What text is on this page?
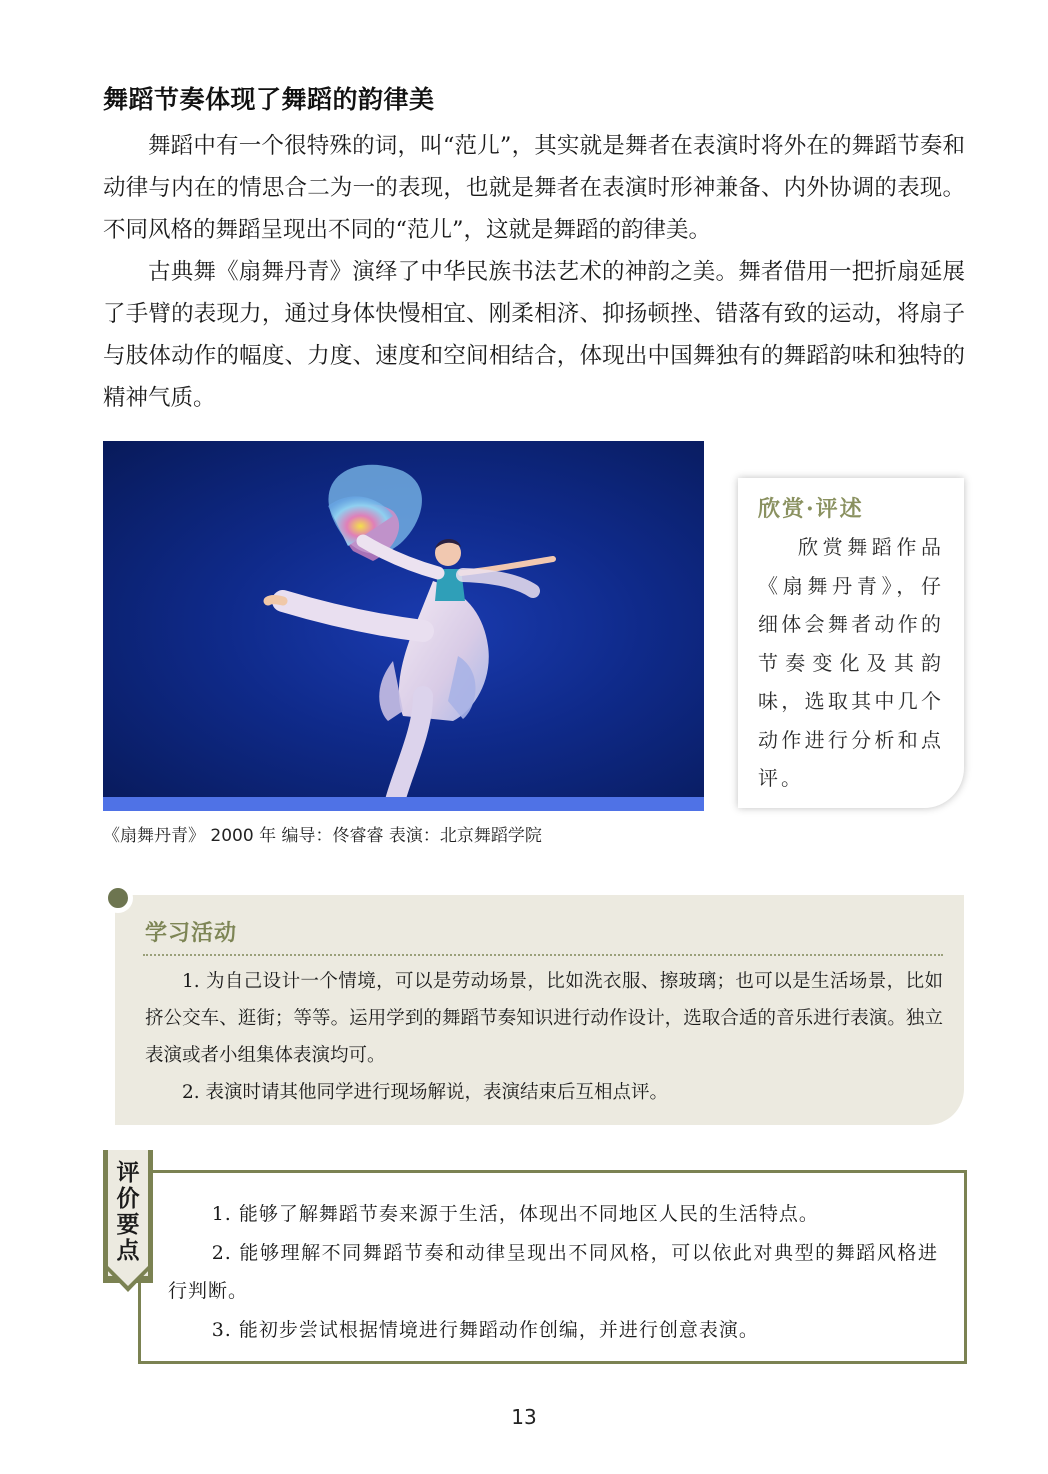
舞蹈节奏体现了舞蹈的韵律美

舞蹈中有一个很特殊的词，叫“范儿”，其实就是舞者在表演时将外在的舞蹈节奏和动律与内在的情思合二为一的表现，也就是舞者在表演时形神兼备、内外协调的表现。不同风格的舞蹈呈现出不同的“范儿”，这就是舞蹈的韵律美。

古典舞《扇舞丹青》演绎了中华民族书法艺术的神韵之美。舞者借用一把折扇延展了手臂的表现力，通过身体快慢相宜、刚柔相济、抑扬顿挫、错落有致的运动，将扇子与肢体动作的幅度、力度、速度和空间相结合，体现出中国舞独有的舞蹈韵味和独特的精神气质。

《扇舞丹青》 2000 年 编导：佟睿睿 表演：北京舞蹈学院
欣赏·评述

欣赏舞蹈作品《扇舞丹青》，仔细体会舞者动作的节奏变化及其韵味，选取其中几个动作进行分析和点评。

学习活动

1. 为自己设计一个情境，可以是劳动场景，比如洗衣服、擦玻璃；也可以是生活场景，比如挤公交车、逛街；等等。运用学到的舞蹈节奏知识进行动作设计，选取合适的音乐进行表演。独立表演或者小组集体表演均可。

2. 表演时请其他同学进行现场解说，表演结束后互相点评。

评价要点

1. 能够了解舞蹈节奏来源于生活，体现出不同地区人民的生活特点。

2. 能够理解不同舞蹈节奏和动律呈现出不同风格，可以依此对典型的舞蹈风格进行判断。

3. 能初步尝试根据情境进行舞蹈动作创编，并进行创意表演。

13
